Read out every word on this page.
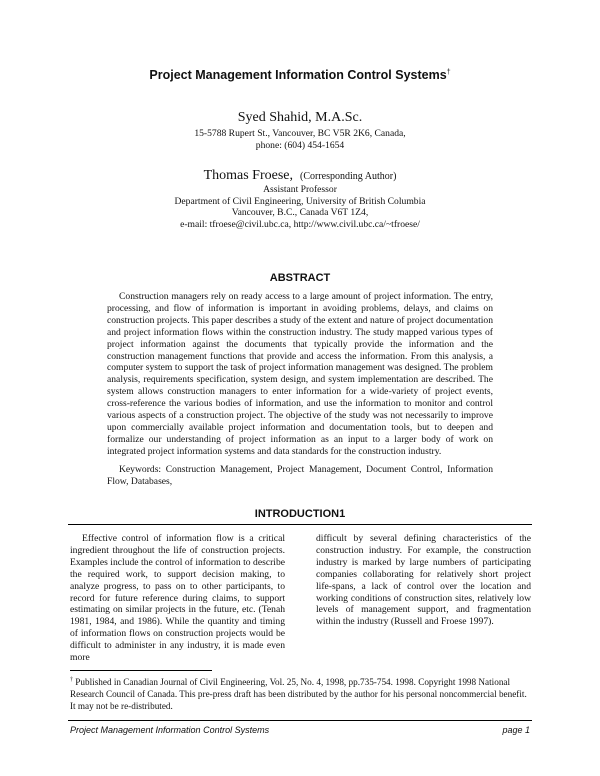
Project Management Information Control Systems†
Syed Shahid, M.A.Sc.
15-5788 Rupert St., Vancouver, BC V5R 2K6, Canada,
phone: (604) 454-1654
Thomas Froese, (Corresponding Author)
Assistant Professor
Department of Civil Engineering, University of British Columbia
Vancouver, B.C., Canada V6T 1Z4,
e-mail: tfroese@civil.ubc.ca, http://www.civil.ubc.ca/~tfroese/
ABSTRACT

Construction managers rely on ready access to a large amount of project information. The entry, processing, and flow of information is important in avoiding problems, delays, and claims on construction projects. This paper describes a study of the extent and nature of project documentation and project information flows within the construction industry. The study mapped various types of project information against the documents that typically provide the information and the construction management functions that provide and access the information. From this analysis, a computer system to support the task of project information management was designed. The problem analysis, requirements specification, system design, and system implementation are described. The system allows construction managers to enter information for a wide-variety of project events, cross-reference the various bodies of information, and use the information to monitor and control various aspects of a construction project. The objective of the study was not necessarily to improve upon commercially available project information and documentation tools, but to deepen and formalize our understanding of project information as an input to a larger body of work on integrated project information systems and data standards for the construction industry.

Keywords: Construction Management, Project Management, Document Control, Information Flow, Databases,

INTRODUCTION1

Effective control of information flow is a critical ingredient throughout the life of construction projects. Examples include the control of information to describe the required work, to support decision making, to analyze progress, to pass on to other participants, to record for future reference during claims, to support estimating on similar projects in the future, etc. (Tenah 1981, 1984, and 1986). While the quantity and timing of information flows on construction projects would be difficult to administer in any industry, it is made even more

difficult by several defining characteristics of the construction industry. For example, the construction industry is marked by large numbers of participating companies collaborating for relatively short project life-spans, a lack of control over the location and working conditions of construction sites, relatively low levels of management support, and fragmentation within the industry (Russell and Froese 1997).

† Published in Canadian Journal of Civil Engineering, Vol. 25, No. 4, 1998, pp.735-754. 1998. Copyright 1998 National Research Council of Canada. This pre-press draft has been distributed by the author for his personal noncommercial benefit. It may not be re-distributed.

Project Management Information Control Systems	page 1
